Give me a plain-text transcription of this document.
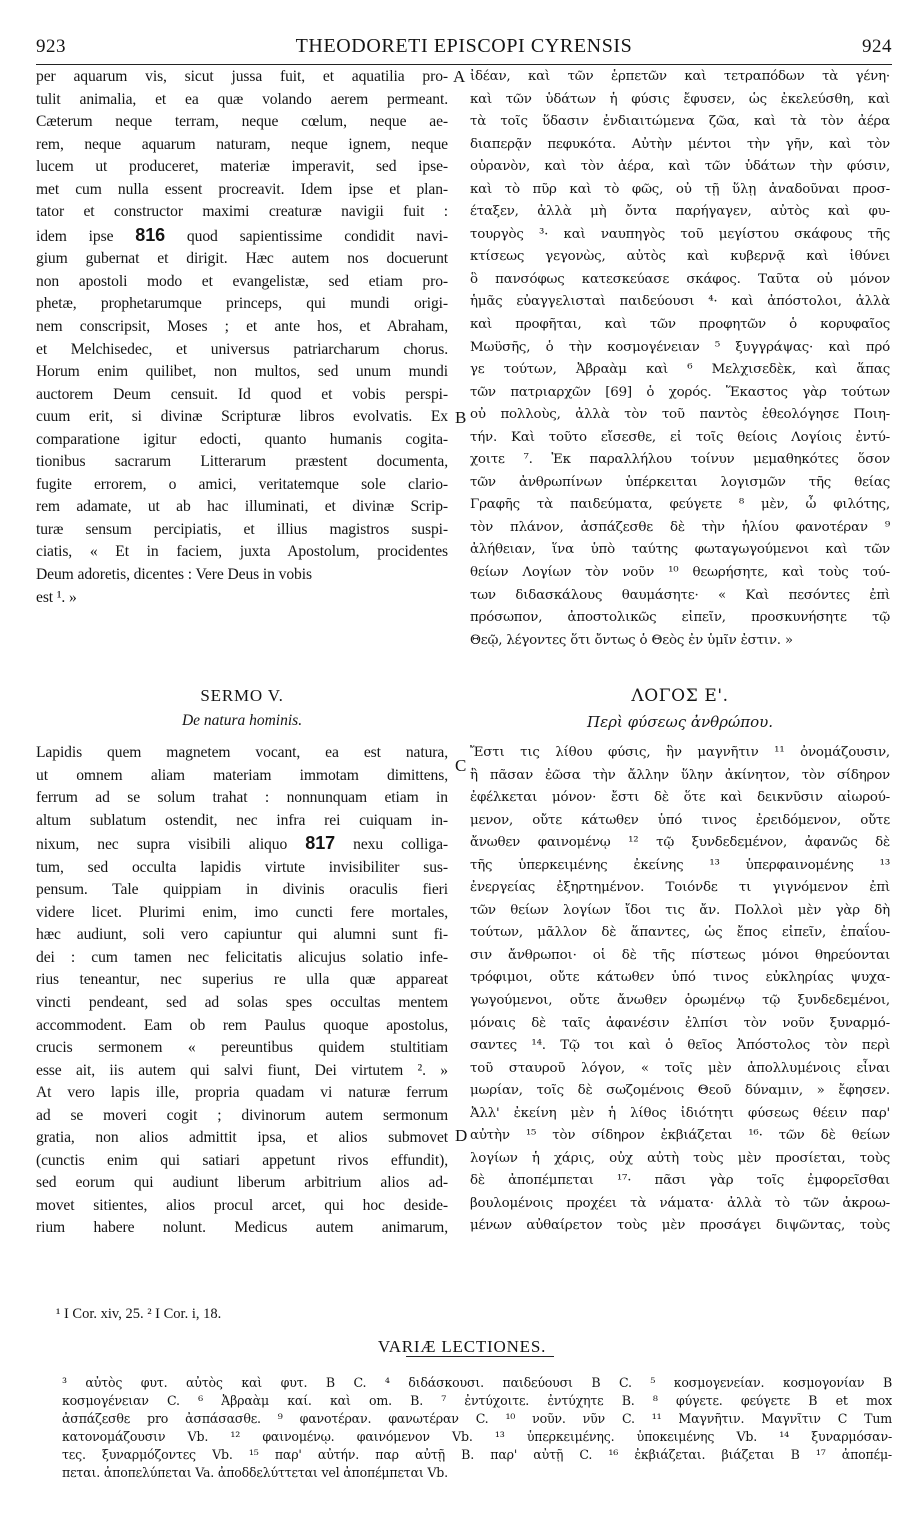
923	THEODORETI EPISCOPI CYRENSIS	924
per aquarum vis, sicut jussa fuit, et aquatilia pro-
tulit animalia, et ea quæ volando aerem permeant.
Cæterum neque terram, neque cœlum, neque ae-
rem, neque aquarum naturam, neque ignem, neque
lucem ut produceret, materiæ imperavit, sed ipse-
met cum nulla essent procreavit. Idem ipse et plan-
tator et constructor maximi creaturæ navigii fuit :
idem ipse 816 quod sapientissime condidit navi-
gium gubernat et dirigit. Hæc autem nos docuerunt
non apostoli modo et evangelistæ, sed etiam pro-
phetæ, prophetarumque princeps, qui mundi origi-
nem conscripsit, Moses ; et ante hos, et Abraham,
et Melchisedec, et universus patriarcharum chorus.
Horum enim quilibet, non multos, sed unum mundi
auctorem Deum censuit. Id quod et vobis perspi-
cuum erit, si divinæ Scripturæ libros evolvatis. Ex
comparatione igitur edocti, quanto humanis cogita-
tionibus sacrarum Litterarum præstent documenta,
fugite errorem, o amici, veritatemque sole clario-
rem adamate, ut ab hac illuminati, et divinæ Scrip-
turæ sensum percipiatis, et illius magistros suspi-
ciatis, « Et in faciem, juxta Apostolum, procidentes
Deum adoretis, dicentes : Vere Deus in vobis
est ¹. »
ἰδέαν, καὶ τῶν ἑρπετῶν καὶ τετραπόδων τὰ γένη·
καὶ τῶν ὑδάτων ἡ φύσις ἔφυσεν, ὡς ἐκελεύσθη, καὶ
τὰ τοῖς ὕδασιν ἐνδιαιτώμενα ζῶα, καὶ τὰ τὸν ἀέρα
διαπερᾷν πεφυκότα. Αὐτὴν μέντοι τὴν γῆν, καὶ τὸν
οὐρανὸν, καὶ τὸν ἀέρα, καὶ τῶν ὑδάτων τὴν φύσιν,
καὶ τὸ πῦρ καὶ τὸ φῶς, οὐ τῇ ὕλῃ ἀναδοῦναι προσ-
έταξεν, ἀλλὰ μὴ ὄντα παρήγαγεν, αὐτὸς καὶ φυ-
τουργὸς ³· καὶ ναυπηγὸς τοῦ μεγίστου σκάφους τῆς
κτίσεως γεγονὼς, αὐτὸς καὶ κυβερνᾷ καὶ ἰθύνει
ὃ πανσόφως κατεσκεύασε σκάφος. Ταῦτα οὐ μόνον
ἡμᾶς εὐαγγελισταὶ παιδεύουσι ⁴· καὶ ἀπόστολοι, ἀλλὰ
καὶ προφῆται, καὶ τῶν προφητῶν ὁ κορυφαῖος
Μωϋσῆς, ὁ τὴν κοσμογένειαν ⁵ ξυγγράψας· καὶ πρό
γε τούτων, Ἀβραὰμ καὶ ⁶ Μελχισεδὲκ, καὶ ἅπας
τῶν πατριαρχῶν [69] ὁ χορός. Ἕκαστος γὰρ τούτων
οὐ πολλοὺς, ἀλλὰ τὸν τοῦ παντὸς ἐθεολόγησε Ποιη-
τήν. Καὶ τοῦτο εἴσεσθε, εἰ τοῖς θείοις Λογίοις ἐντύ-
χοιτε ⁷. Ἐκ παραλλήλου τοίνυν μεμαθηκότες ὅσον
τῶν ἀνθρωπίνων ὑπέρκειται λογισμῶν τῆς θείας
Γραφῆς τὰ παιδεύματα, φεύγετε ⁸ μὲν, ὦ φιλότης,
τὸν πλάνον, ἀσπάζεσθε δὲ τὴν ἡλίου φανοτέραν ⁹
ἀλήθειαν, ἵνα ὑπὸ ταύτης φωταγωγούμενοι καὶ τῶν
θείων Λογίων τὸν νοῦν ¹⁰ θεωρήσητε, καὶ τοὺς τού-
των διδασκάλους θαυμάσητε· « Καὶ πεσόντες ἐπὶ
πρόσωπον, ἀποστολικῶς εἰπεῖν, προσκυνήσητε τῷ
Θεῷ, λέγοντες ὅτι ὄντως ὁ Θεὸς ἐν ὑμῖν ἐστιν. »
A
B
C
D
SERMO V.
De natura hominis.
ΛΟΓΟΣ Ε'.
Περὶ φύσεως ἀνθρώπου.
Lapidis quem magnetem vocant, ea est natura,
ut omnem aliam materiam immotam dimittens,
ferrum ad se solum trahat : nonnunquam etiam in
altum sublatum ostendit, nec infra rei cuiquam in-
nixum, nec supra visibili aliquo 817 nexu colliga-
tum, sed occulta lapidis virtute invisibiliter sus-
pensum. Tale quippiam in divinis oraculis fieri
videre licet. Plurimi enim, imo cuncti fere mortales,
hæc audiunt, soli vero capiuntur qui alumni sunt fi-
dei : cum tamen nec felicitatis alicujus solatio infe-
rius teneantur, nec superius re ulla quæ appareat
vincti pendeant, sed ad solas spes occultas mentem
accommodent. Eam ob rem Paulus quoque apostolus,
crucis sermonem « pereuntibus quidem stultitiam
esse ait, iis autem qui salvi fiunt, Dei virtutem ². »
At vero lapis ille, propria quadam vi naturæ ferrum
ad se moveri cogit ; divinorum autem sermonum
gratia, non alios admittit ipsa, et alios submovet
(cunctis enim qui satiari appetunt rivos effundit),
sed eorum qui audiunt liberum arbitrium alios ad-
movet sitientes, alios procul arcet, qui hoc deside-
rium habere nolunt. Medicus autem animarum,
Ἔστι τις λίθου φύσις, ἣν μαγνῆτιν ¹¹ ὀνομάζουσιν,
ἣ πᾶσαν ἐῶσα τὴν ἄλλην ὕλην ἀκίνητον, τὸν σίδηρον
ἐφέλκεται μόνον· ἔστι δὲ ὅτε καὶ δεικνῦσιν αἰωρού-
μενον, οὔτε κάτωθεν ὑπό τινος ἐρειδόμενον, οὔτε
ἄνωθεν φαινομένῳ ¹² τῷ ξυνδεδεμένον, ἀφανῶς δὲ
τῆς ὑπερκειμένης ἐκείνης ¹³ ὑπερφαινομένης ¹³
ἐνεργείας ἐξηρτημένον. Τοιόνδε τι γιγνόμενον ἐπὶ
τῶν θείων λογίων ἴδοι τις ἄν. Πολλοὶ μὲν γὰρ δὴ
τούτων, μᾶλλον δὲ ἅπαντες, ὡς ἔπος εἰπεῖν, ἐπαΐου-
σιν ἄνθρωποι· οἱ δὲ τῆς πίστεως μόνοι θηρεύονται
τρόφιμοι, οὔτε κάτωθεν ὑπό τινος εὐκληρίας ψυχα-
γωγούμενοι, οὔτε ἄνωθεν ὁρωμένῳ τῷ ξυνδεδεμένοι,
μόναις δὲ ταῖς ἀφανέσιν ἐλπίσι τὸν νοῦν ξυναρμό-
σαντες ¹⁴. Τῷ τοι καὶ ὁ θεῖος Ἀπόστολος τὸν περὶ
τοῦ σταυροῦ λόγον, « τοῖς μὲν ἀπολλυμένοις εἶναι
μωρίαν, τοῖς δὲ σωζομένοις Θεοῦ δύναμιν, » ἔφησεν.
Ἀλλ' ἐκείνη μὲν ἡ λίθος ἰδιότητι φύσεως θέειν παρ'
αὐτὴν ¹⁵ τὸν σίδηρον ἐκβιάζεται ¹⁶· τῶν δὲ θείων
λογίων ἡ χάρις, οὐχ αὐτὴ τοὺς μὲν προσίεται, τοὺς
δὲ ἀποπέμπεται ¹⁷· πᾶσι γὰρ τοῖς ἐμφορεῖσθαι
βουλομένοις προχέει τὰ νάματα· ἀλλὰ τὸ τῶν ἀκροω-
μένων αὐθαίρετον τοὺς μὲν προσάγει διψῶντας, τοὺς
¹ I Cor. xiv, 25. ² I Cor. i, 18.
VARIÆ LECTIONES.
³ αὐτὸς φυτ. αὐτὸς καὶ φυτ. B C. ⁴ διδάσκουσι. παιδεύουσι B C. ⁵ κοσμογενείαν. κοσμογονίαν B
κοσμογένειαν C. ⁶ Ἀβραὰμ καί. καὶ om. B. ⁷ ἐντύχοιτε. ἐντύχητε B. ⁸ φύγετε. φεύγετε B et mox
ἀσπάζεσθε pro ἀσπάσασθε. ⁹ φανοτέραν. φανωτέραν C. ¹⁰ νοῦν. νῦν C. ¹¹ Μαγνῆτιν. Μαγνῖτιν C Tum
κατονομάζουσιν Vb. ¹² φαινομένῳ. φαινόμενον Vb. ¹³ ὑπερκειμένης. ὑποκειμένης Vb. ¹⁴ ξυναρμόσαν-
τες. ξυναρμόζοντες Vb. ¹⁵ παρ' αὐτήν. παρ αὐτῇ B. παρ' αὐτῇ C. ¹⁶ ἐκβιάζεται. βιάζεται B ¹⁷ ἀποπέμ-
πεται. ἀποπελύπεται Va. ἀποδδελύττεται vel ἀποπέμπεται Vb.
